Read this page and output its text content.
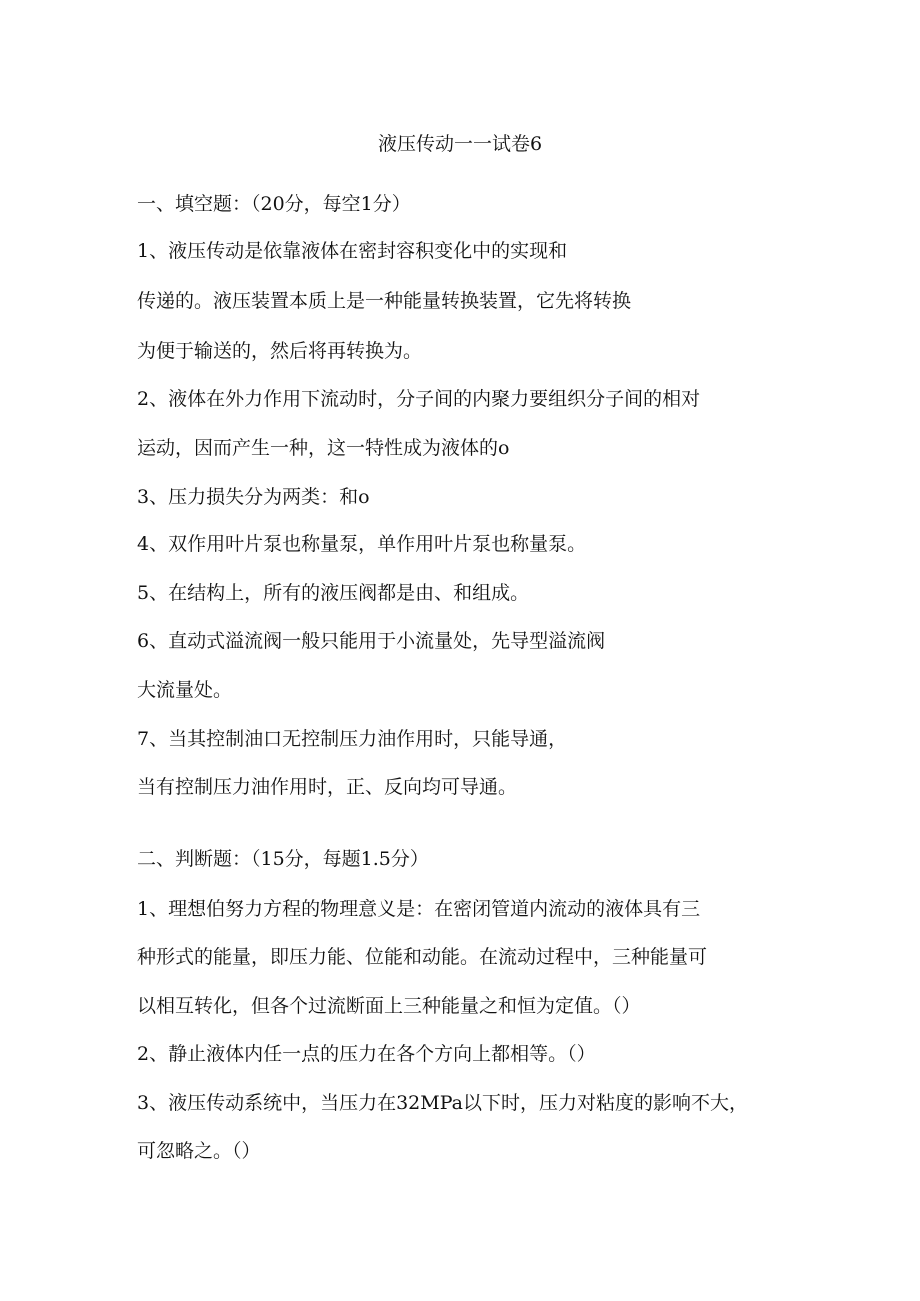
液压传动一一试卷6
一、填空题：（20分，每空1分）
1、液压传动是依靠液体在密封容积变化中的实现和
传递的。液压装置本质上是一种能量转换装置，它先将转换
为便于输送的，然后将再转换为。
2、液体在外力作用下流动时，分子间的内聚力要组织分子间的相对
运动，因而产生一种，这一特性成为液体的o
3、压力损失分为两类：和o
4、双作用叶片泵也称量泵，单作用叶片泵也称量泵。
5、在结构上，所有的液压阀都是由、和组成。
6、直动式溢流阀一般只能用于小流量处，先导型溢流阀
大流量处。
7、当其控制油口无控制压力油作用时，只能导通，
当有控制压力油作用时，正、反向均可导通。
二、判断题：（15分，每题1.5分）
1、理想伯努力方程的物理意义是：在密闭管道内流动的液体具有三
种形式的能量，即压力能、位能和动能。在流动过程中，三种能量可
以相互转化，但各个过流断面上三种能量之和恒为定值。（）
2、静止液体内任一点的压力在各个方向上都相等。（）
3、液压传动系统中，当压力在32MPa以下时，压力对粘度的影响不大，
可忽略之。（）
